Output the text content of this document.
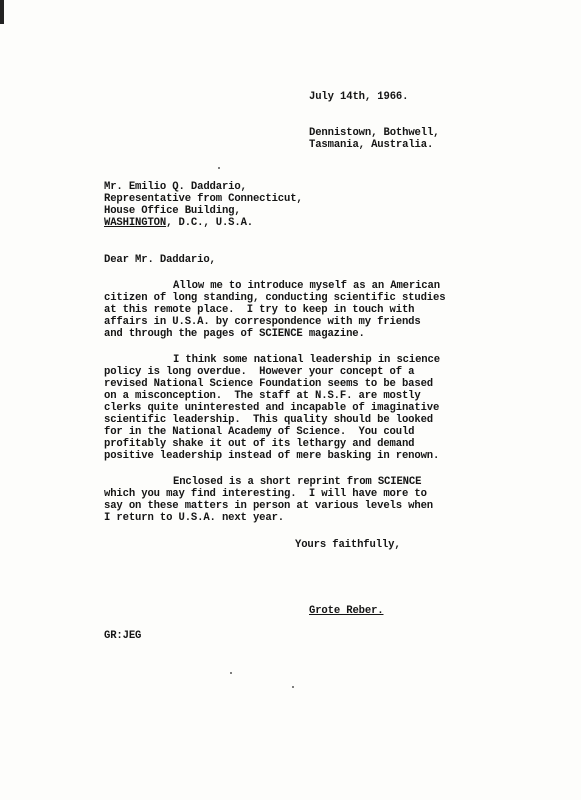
July 14th, 1966.
Dennistown, Bothwell,
Tasmania, Australia.
Mr. Emilio Q. Daddario,
Representative from Connecticut,
House Office Building,
WASHINGTON, D.C., U.S.A.
Dear Mr. Daddario,
Allow me to introduce myself as an American
citizen of long standing, conducting scientific studies
at this remote place.  I try to keep in touch with
affairs in U.S.A. by correspondence with my friends
and through the pages of SCIENCE magazine.
I think some national leadership in science
policy is long overdue.  However your concept of a
revised National Science Foundation seems to be based
on a misconception.  The staff at N.S.F. are mostly
clerks quite uninterested and incapable of imaginative
scientific leadership.  This quality should be looked
for in the National Academy of Science.  You could
profitably shake it out of its lethargy and demand
positive leadership instead of mere basking in renown.
Enclosed is a short reprint from SCIENCE
which you may find interesting.  I will have more to
say on these matters in person at various levels when
I return to U.S.A. next year.
Yours faithfully,
Grote Reber.
GR:JEG
